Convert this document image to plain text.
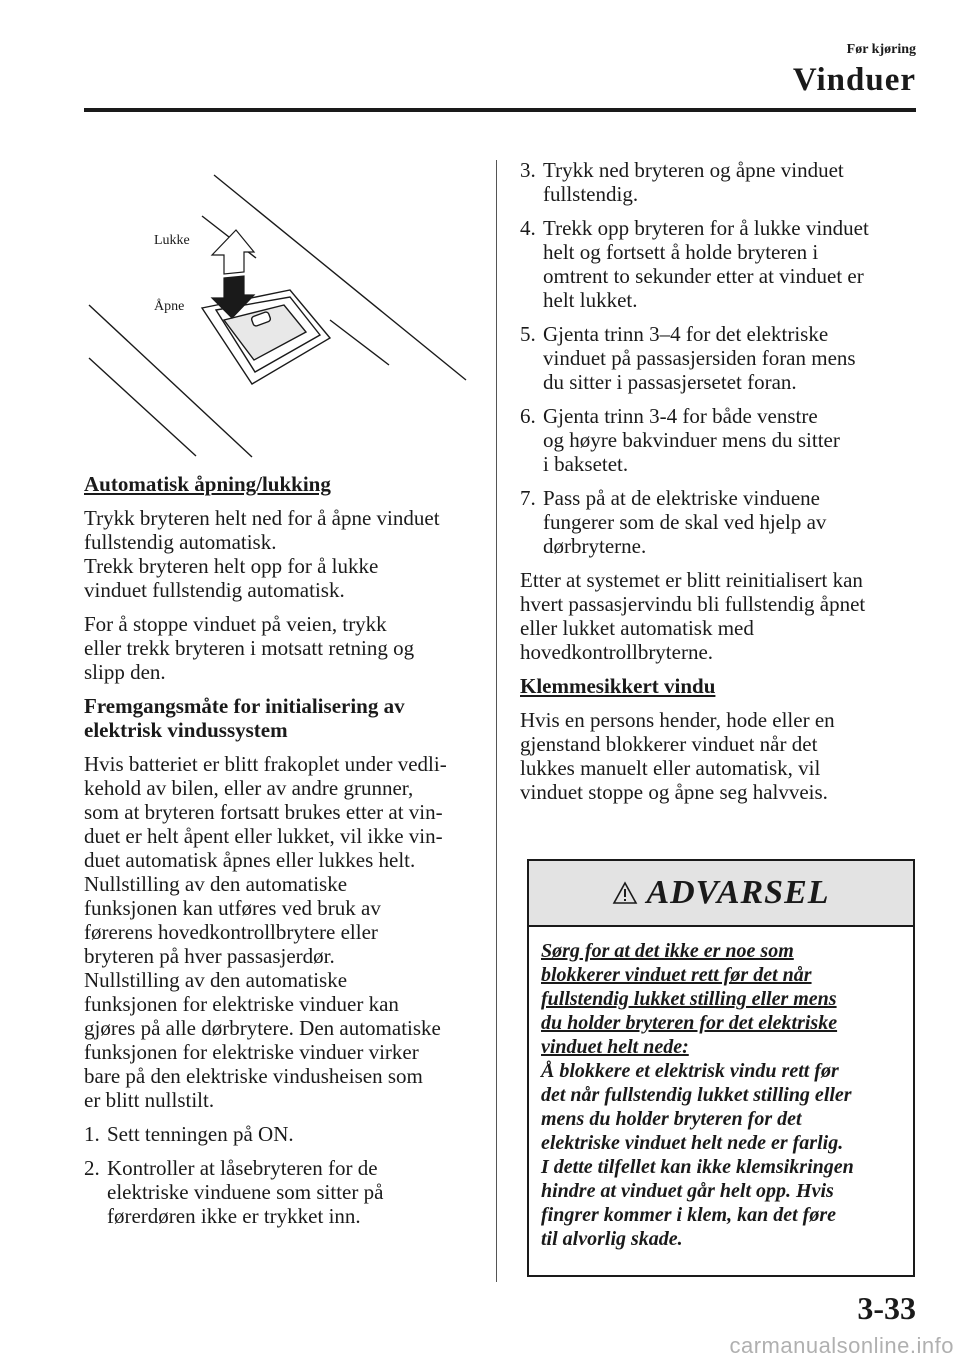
Før kjøring
Vinduer
Lukke
Åpne
Automatisk åpning/lukking

Trykk bryteren helt ned for å åpne vinduet
fullstendig automatisk.
Trekk bryteren helt opp for å lukke
vinduet fullstendig automatisk.

For å stoppe vinduet på veien, trykk
eller trekk bryteren i motsatt retning og
slipp den.

Fremgangsmåte for initialisering av
elektrisk vindussystem

Hvis batteriet er blitt frakoplet under vedli-
kehold av bilen, eller av andre grunner,
som at bryteren fortsatt brukes etter at vin-
duet er helt åpent eller lukket, vil ikke vin-
duet automatisk åpnes eller lukkes helt.
Nullstilling av den automatiske
funksjonen kan utføres ved bruk av
førerens hovedkontrollbrytere eller
bryteren på hver passasjerdør.
Nullstilling av den automatiske
funksjonen for elektriske vinduer kan
gjøres på alle dørbrytere. Den automatiske
funksjonen for elektriske vinduer virker
bare på den elektriske vindusheisen som
er blitt nullstilt.

1. Sett tenningen på ON.
2. Kontroller at låsebryteren for de
elektriske vinduene som sitter på
førerdøren ikke er trykket inn.
3. Trykk ned bryteren og åpne vinduet
fullstendig.
4. Trekk opp bryteren for å lukke vinduet
helt og fortsett å holde bryteren i
omtrent to sekunder etter at vinduet er
helt lukket.
5. Gjenta trinn 3–4 for det elektriske
vinduet på passasjersiden foran mens
du sitter i passasjersetet foran.
6. Gjenta trinn 3-4 for både venstre
og høyre bakvinduer mens du sitter
i baksetet.
7. Pass på at de elektriske vinduene
fungerer som de skal ved hjelp av
dørbryterne.

Etter at systemet er blitt reinitialisert kan
hvert passasjervindu bli fullstendig åpnet
eller lukket automatisk med
hovedkontrollbryterne.

Klemmesikkert vindu

Hvis en persons hender, hode eller en
gjenstand blokkerer vinduet når det
lukkes manuelt eller automatisk, vil
vinduet stoppe og åpne seg halvveis.

ADVARSEL
Sørg for at det ikke er noe som
blokkerer vinduet rett før det når
fullstendig lukket stilling eller mens
du holder bryteren for det elektriske
vinduet helt nede:
Å blokkere et elektrisk vindu rett før
det når fullstendig lukket stilling eller
mens du holder bryteren for det
elektriske vinduet helt nede er farlig.
I dette tilfellet kan ikke klemsikringen
hindre at vinduet går helt opp. Hvis
fingrer kommer i klem, kan det føre
til alvorlig skade.
3-33
carmanualsonline.info
